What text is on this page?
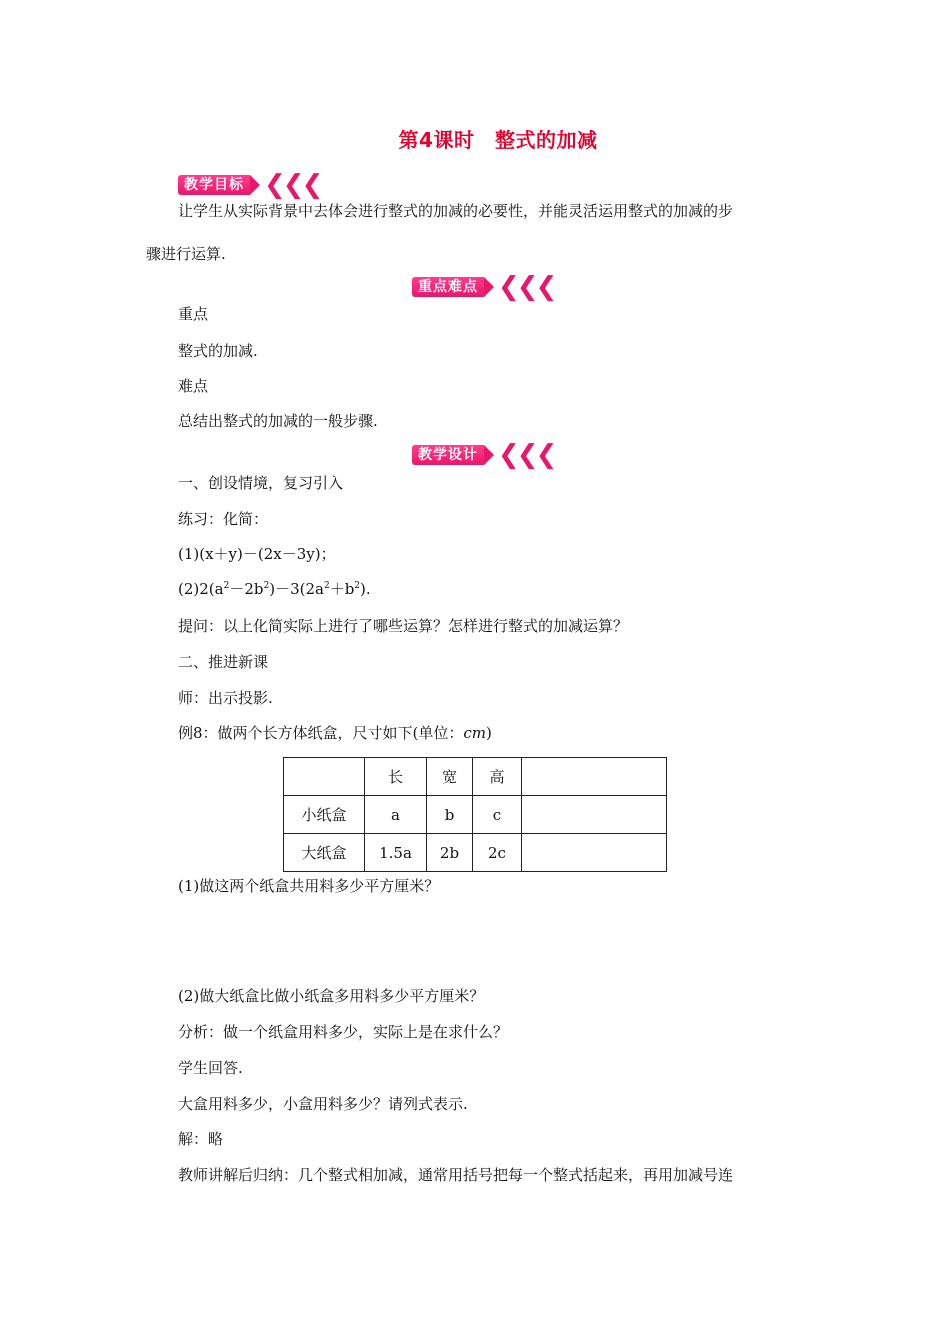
第4课时　整式的加减
教学目标 ❮❮❮
让学生从实际背景中去体会进行整式的加减的必要性，并能灵活运用整式的加减的步
骤进行运算.
重点难点 ❮❮❮
重点
整式的加减.
难点
总结出整式的加减的一般步骤.
教学设计 ❮❮❮
一、创设情境，复习引入
练习：化简：
(1)(x＋y)－(2x－3y)；
$(2)2(a^2-2b^2)-3(2a^2+b^2)$.
提问：以上化简实际上进行了哪些运算？怎样进行整式的加减运算？
二、推进新课
师：出示投影.
例8：做两个长方体纸盒，尺寸如下(单位：cm)
	长	宽	高	
小纸盒	a	b	c	
大纸盒	1.5a	2b	2c	
(1)做这两个纸盒共用料多少平方厘米？
(2)做大纸盒比做小纸盒多用料多少平方厘米？
分析：做一个纸盒用料多少，实际上是在求什么？
学生回答.
大盒用料多少，小盒用料多少？请列式表示.
解：略
教师讲解后归纳：几个整式相加减，通常用括号把每一个整式括起来，再用加减号连
